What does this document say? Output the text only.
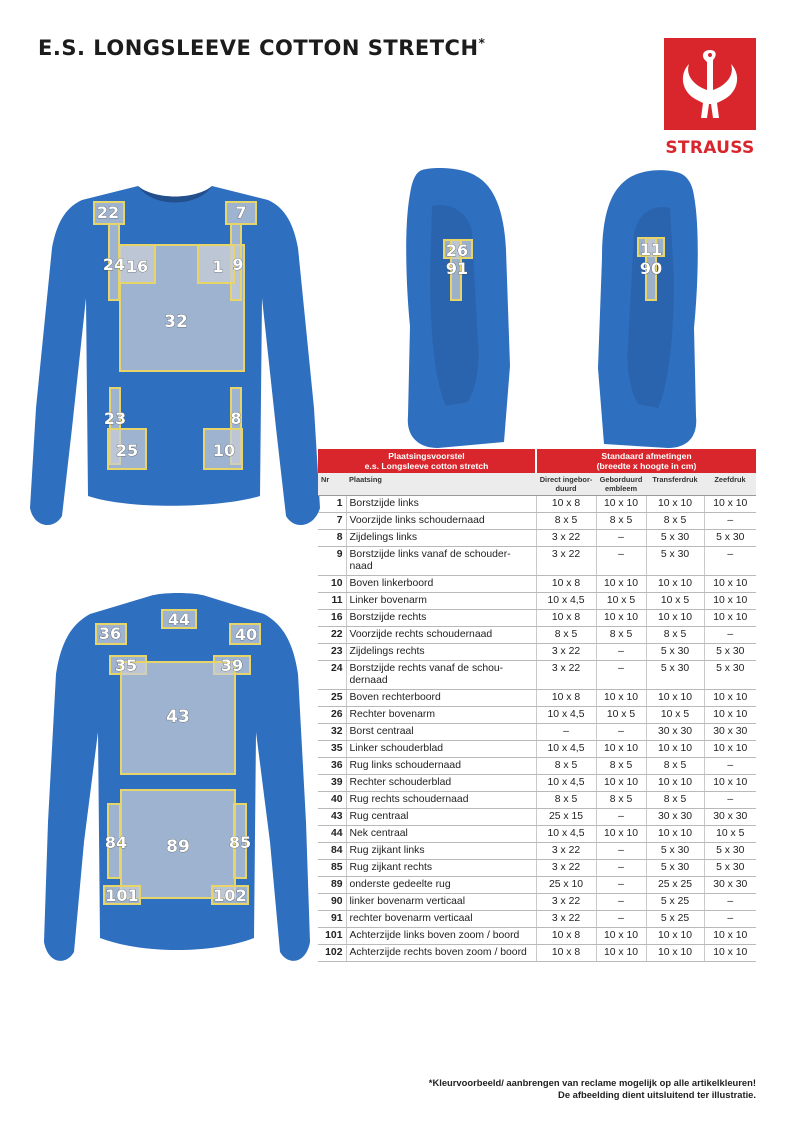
E.S. LONGSLEEVE COTTON STRETCH*
STRAUSS
22	7
24 16	1 9
32
23	8
25	10
26
91
11
90
44
36	40
35	39
43
84 89 85
101	102
Plaatsingsvoorstel
e.s. Longsleeve cotton stretch		Standaard afmetingen
(breedte x hoogte in cm)			
Nr	Plaatsing	Direct ingebor-duurd	Geborduurd embleem	Transferdruk	Zeefdruk
1	Borstzijde links	10 x 8	10 x 10	10 x 10	10 x 10
7	Voorzijde links schoudernaad	8 x 5	8 x 5	8 x 5	–
8	Zijdelings links	3 x 22	–	5 x 30	5 x 30
9	Borstzijde links vanaf de schouder-naad	3 x 22	–	5 x 30	–
10	Boven linkerboord	10 x 8	10 x 10	10 x 10	10 x 10
11	Linker bovenarm	10 x 4,5	10 x 5	10 x 5	10 x 10
16	Borstzijde rechts	10 x 8	10 x 10	10 x 10	10 x 10
22	Voorzijde rechts schoudernaad	8 x 5	8 x 5	8 x 5	–
23	Zijdelings rechts	3 x 22	–	5 x 30	5 x 30
24	Borstzijde rechts vanaf de schou-dernaad	3 x 22	–	5 x 30	5 x 30
25	Boven rechterboord	10 x 8	10 x 10	10 x 10	10 x 10
26	Rechter bovenarm	10 x 4,5	10 x 5	10 x 5	10 x 10
32	Borst centraal	–	–	30 x 30	30 x 30
35	Linker schouderblad	10 x 4,5	10 x 10	10 x 10	10 x 10
36	Rug links schoudernaad	8 x 5	8 x 5	8 x 5	–
39	Rechter schouderblad	10 x 4,5	10 x 10	10 x 10	10 x 10
40	Rug rechts schoudernaad	8 x 5	8 x 5	8 x 5	–
43	Rug centraal	25 x 15	–	30 x 30	30 x 30
44	Nek centraal	10 x 4,5	10 x 10	10 x 10	10 x 5
84	Rug zijkant links	3 x 22	–	5 x 30	5 x 30
85	Rug zijkant rechts	3 x 22	–	5 x 30	5 x 30
89	onderste gedeelte rug	25 x 10	–	25 x 25	30 x 30
90	linker bovenarm verticaal	3 x 22	–	5 x 25	–
91	rechter bovenarm verticaal	3 x 22	–	5 x 25	–
101	Achterzijde links boven zoom / boord	10 x 8	10 x 10	10 x 10	10 x 10
102	Achterzijde rechts boven zoom / boord	10 x 8	10 x 10	10 x 10	10 x 10
*Kleurvoorbeeld/ aanbrengen van reclame mogelijk op alle artikelkleuren!
De afbeelding dient uitsluitend ter illustratie.
